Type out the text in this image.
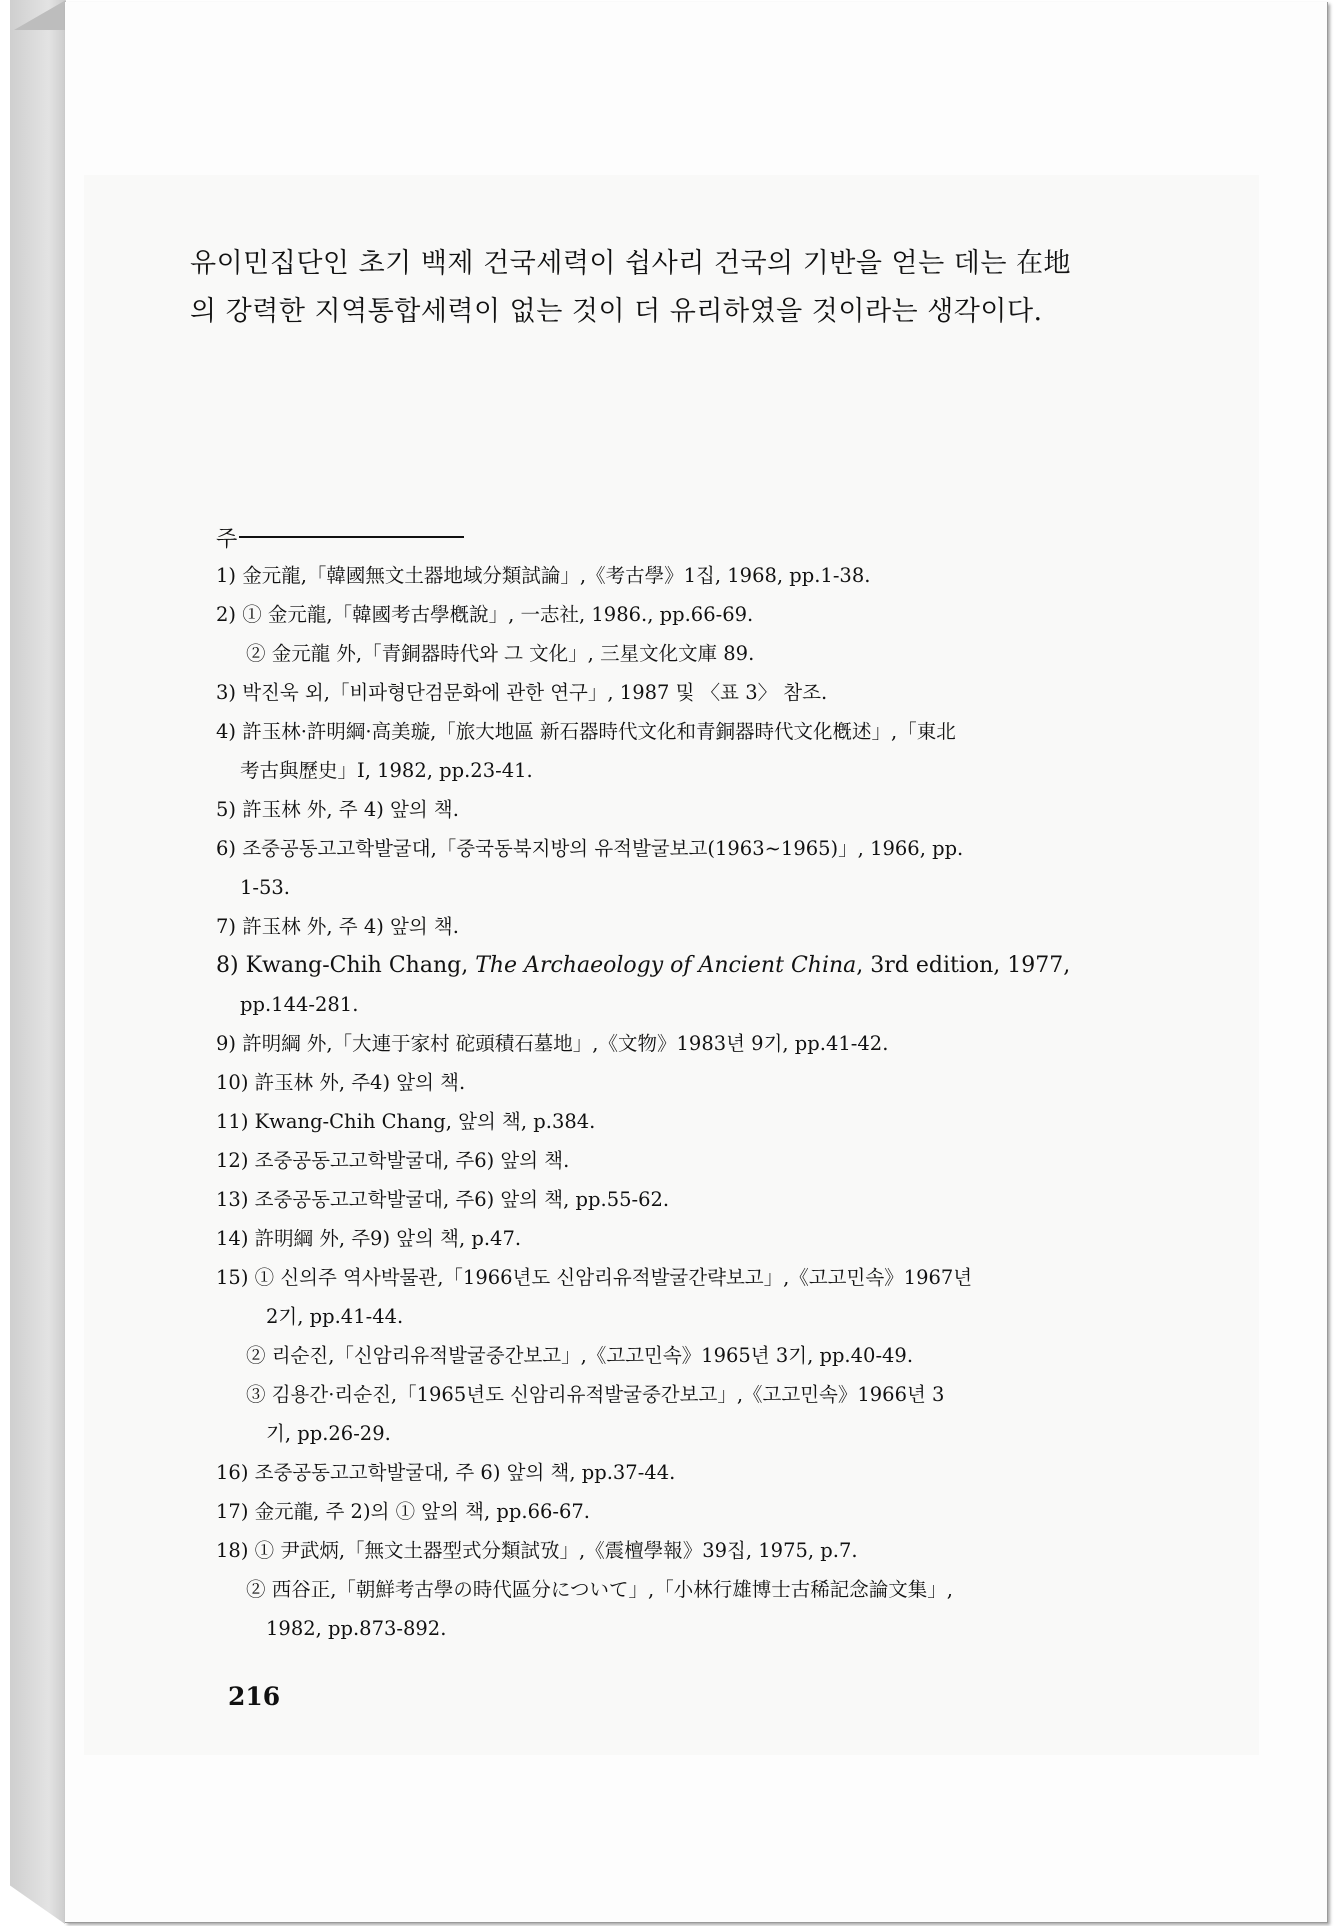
유이민집단인 초기 백제 건국세력이 쉽사리 건국의 기반을 얻는 데는 在地

의 강력한 지역통합세력이 없는 것이 더 유리하였을 것이라는 생각이다.

주
1) 金元龍,「韓國無文土器地域分類試論」,《考古學》1집, 1968, pp.1-38.
2) ① 金元龍,「韓國考古學槪說」, 一志社, 1986., pp.66-69.
② 金元龍 外,「青銅器時代와 그 文化」, 三星文化文庫 89.
3) 박진욱 외,「비파형단검문화에 관한 연구」, 1987 및 〈표 3〉 참조.
4) 許玉林·許明綱·高美璇,「旅大地區 新石器時代文化和青銅器時代文化槪述」,「東北
考古與歷史」Ⅰ, 1982, pp.23-41.
5) 許玉林 外, 주 4) 앞의 책.
6) 조중공동고고학발굴대,「중국동북지방의 유적발굴보고(1963∼1965)」, 1966, pp.
1-53.
7) 許玉林 外, 주 4) 앞의 책.
8) Kwang-Chih Chang, The Archaeology of Ancient China, 3rd edition, 1977,
pp.144-281.
9) 許明綱 外,「大連于家村 砣頭積石墓地」,《文物》1983년 9기, pp.41-42.
10) 許玉林 外, 주4) 앞의 책.
11) Kwang-Chih Chang, 앞의 책, p.384.
12) 조중공동고고학발굴대, 주6) 앞의 책.
13) 조중공동고고학발굴대, 주6) 앞의 책, pp.55-62.
14) 許明綱 外, 주9) 앞의 책, p.47.
15) ① 신의주 역사박물관,「1966년도 신암리유적발굴간략보고」,《고고민속》1967년
2기, pp.41-44.
② 리순진,「신암리유적발굴중간보고」,《고고민속》1965년 3기, pp.40-49.
③ 김용간·리순진,「1965년도 신암리유적발굴중간보고」,《고고민속》1966년 3
기, pp.26-29.
16) 조중공동고고학발굴대, 주 6) 앞의 책, pp.37-44.
17) 金元龍, 주 2)의 ① 앞의 책, pp.66-67.
18) ① 尹武炳,「無文土器型式分類試攷」,《震檀學報》39집, 1975, p.7.
② 西谷正,「朝鮮考古學の時代區分について」,「小林行雄博士古稀記念論文集」,
1982, pp.873-892.
216
